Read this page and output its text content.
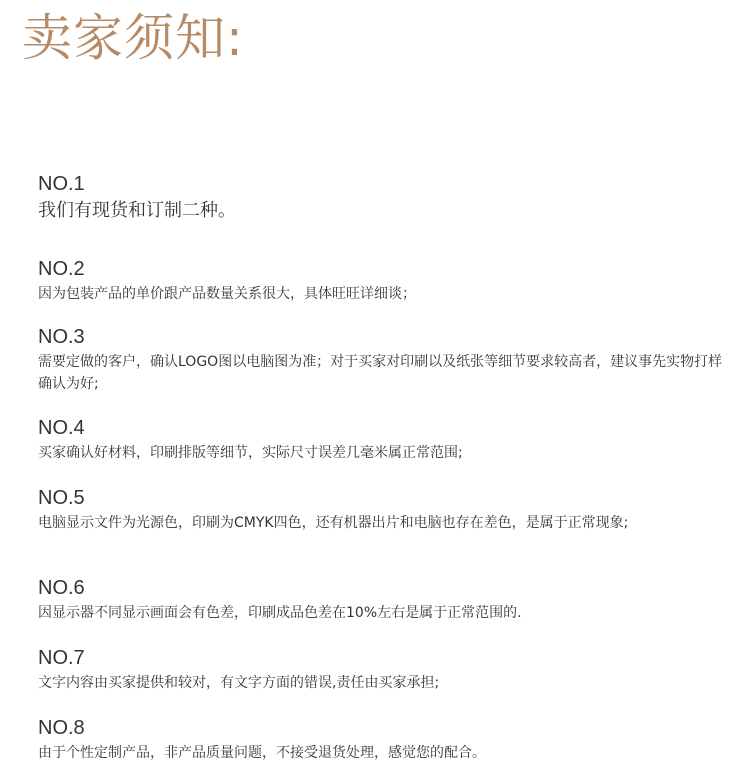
卖家须知:
NO.1
我们有现货和订制二种。
NO.2
因为包装产品的单价跟产品数量关系很大，具体旺旺详细谈；
NO.3
需要定做的客户，确认LOGO图以电脑图为准；对于买家对印刷以及纸张等细节要求较高者，建议事先实物打样确认为好;
NO.4
买家确认好材料，印刷排版等细节，实际尺寸误差几毫米属正常范围;
NO.5
电脑显示文件为光源色，印刷为CMYK四色，还有机器出片和电脑也存在差色，是属于正常现象;
NO.6
因显示器不同显示画面会有色差，印刷成品色差在10%左右是属于正常范围的.
NO.7
文字内容由买家提供和较对，有文字方面的错误,责任由买家承担;
NO.8
由于个性定制产品，非产品质量问题，不接受退货处理，感觉您的配合。
